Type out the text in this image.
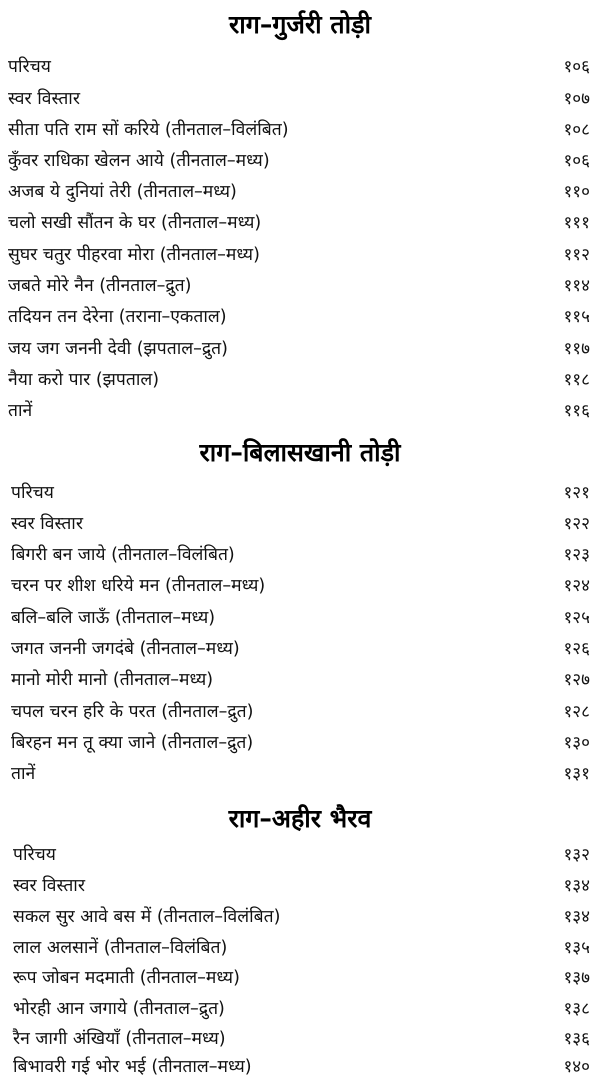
राग–गुर्जरी तोड़ी
परिचय	१०६
स्वर विस्तार	१०७
सीता पति राम सों करिये (तीनताल–विलंबित)	१०८
कुँवर राधिका खेलन आये (तीनताल–मध्य)	१०६
अजब ये दुनियां तेरी (तीनताल–मध्य)	११०
चलो सखी सौंतन के घर (तीनताल–मध्य)	१११
सुघर चतुर पीहरवा मोरा (तीनताल–मध्य)	११२
जबते मोरे नैन (तीनताल–द्रुत)	११४
तदियन तन देरेना (तराना–एकताल)	११५
जय जग जननी देवी (झपताल–द्रुत)	११७
नैया करो पार (झपताल)	११८
तानें	११६
राग–बिलासखानी तोड़ी
परिचय	१२१
स्वर विस्तार	१२२
बिगरी बन जाये (तीनताल–विलंबित)	१२३
चरन पर शीश धरिये मन (तीनताल–मध्य)	१२४
बलि–बलि जाऊँ (तीनताल–मध्य)	१२५
जगत जननी जगदंबे (तीनताल–मध्य)	१२६
मानो मोरी मानो (तीनताल–मध्य)	१२७
चपल चरन हरि के परत (तीनताल–द्रुत)	१२८
बिरहन मन तू क्या जाने (तीनताल–द्रुत)	१३०
तानें	१३१
राग–अहीर भैरव
परिचय	१३२
स्वर विस्तार	१३४
सकल सुर आवे बस में (तीनताल–विलंबित)	१३४
लाल अलसानें (तीनताल–विलंबित)	१३५
रूप जोबन मदमाती (तीनताल–मध्य)	१३७
भोरही आन जगाये (तीनताल–द्रुत)	१३८
रैन जागी अंखियाँ (तीनताल–मध्य)	१३६
बिभावरी गई भोर भई (तीनताल–मध्य)	१४०
